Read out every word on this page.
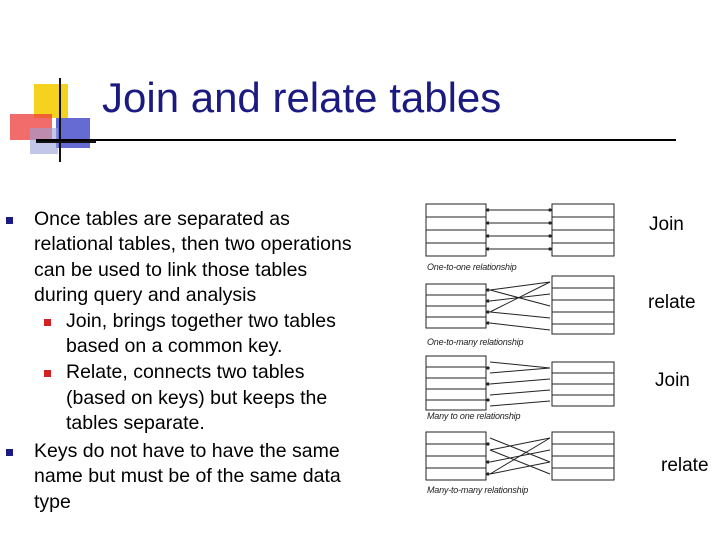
Join and relate tables
Once tables are separated as
relational tables, then two operations
can be used to link those tables
during query and analysis
Join, brings together two tables
based on a common key.
Relate, connects two tables
(based on keys) but keeps the
tables separate.
Keys do not have to have the same
name but must be of the same data
type
One-to-one relationship
One-to-many relationship
Many to one relationship
Many-to-many relationship
Join
relate
Join
relate
